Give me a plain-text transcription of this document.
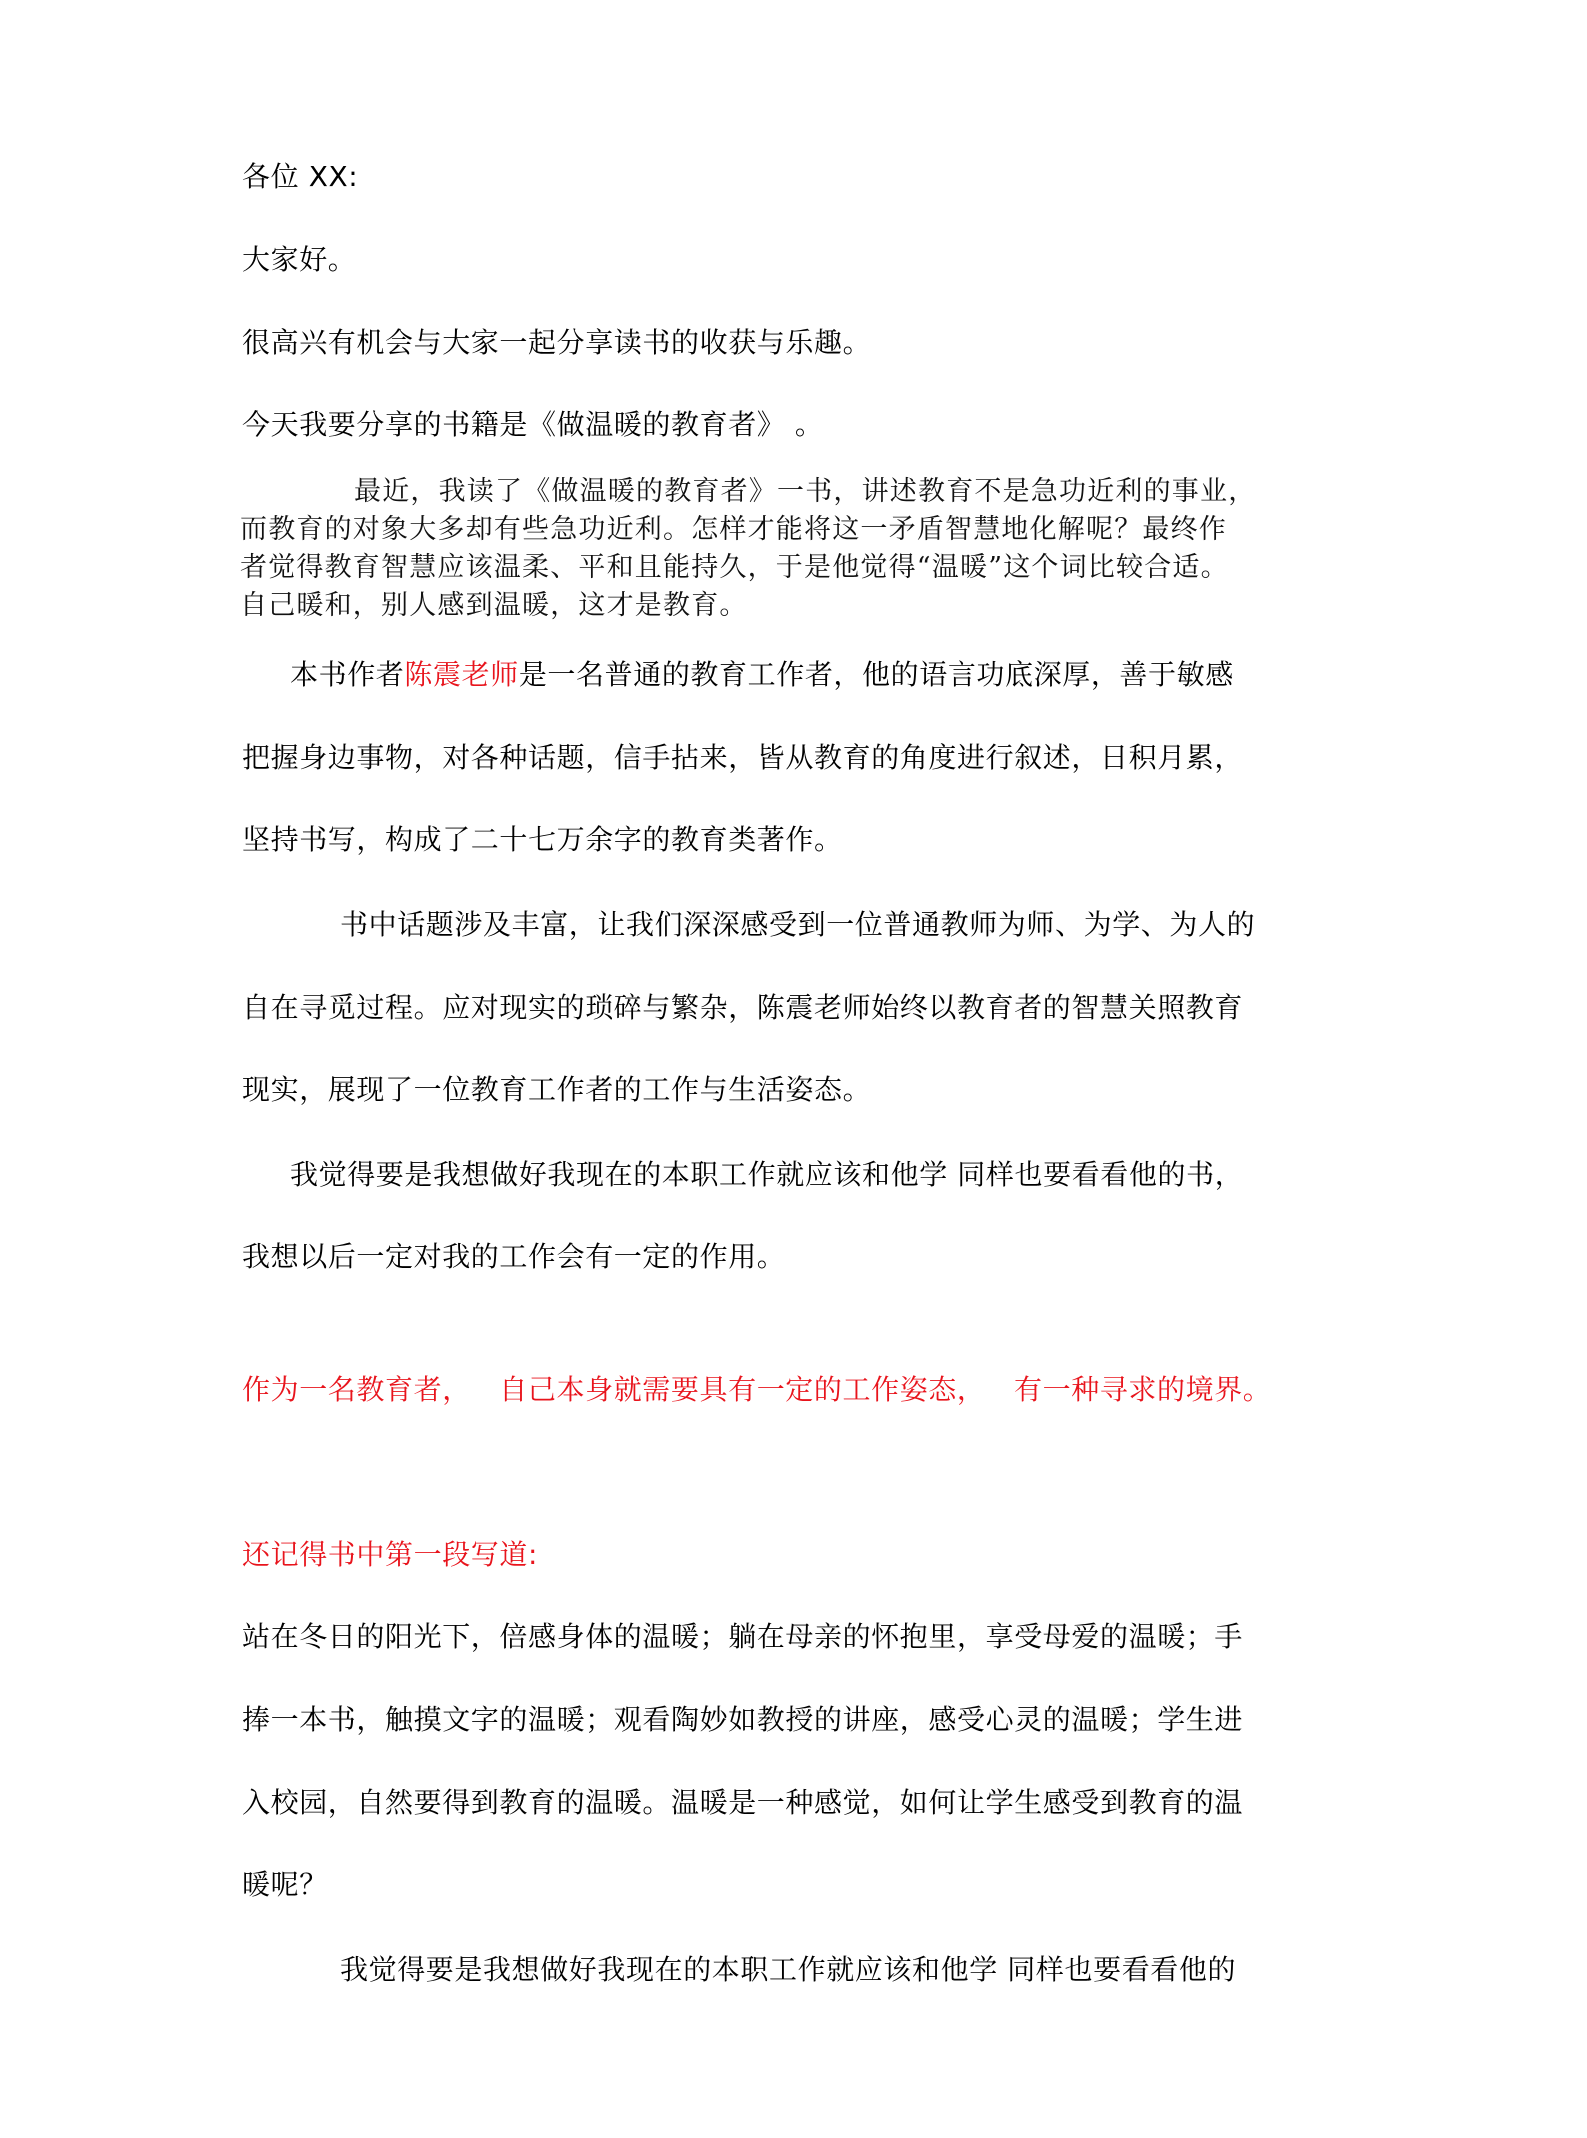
各位 XX:
大家好。
很高兴有机会与大家一起分享读书的收获与乐趣。
今天我要分享的书籍是《做温暖的教育者》 。
最近，我读了《做温暖的教育者》一书，讲述教育不是急功近利的事业，
而教育的对象大多却有些急功近利。怎样才能将这一矛盾智慧地化解呢？最终作
者觉得教育智慧应该温柔、平和且能持久，于是他觉得“温暖”这个词比较合适。
自己暖和，别人感到温暖，这才是教育。
本书作者陈震老师是一名普通的教育工作者，他的语言功底深厚，善于敏感
把握身边事物，对各种话题，信手拈来，皆从教育的角度进行叙述，日积月累，
坚持书写，构成了二十七万余字的教育类著作。
书中话题涉及丰富，让我们深深感受到一位普通教师为师、为学、为人的
自在寻觅过程。应对现实的琐碎与繁杂，陈震老师始终以教育者的智慧关照教育
现实，展现了一位教育工作者的工作与生活姿态。
我觉得要是我想做好我现在的本职工作就应该和他学 同样也要看看他的书，
我想以后一定对我的工作会有一定的作用。
作为一名教育者，   自己本身就需要具有一定的工作姿态，   有一种寻求的境界。
还记得书中第一段写道:
站在冬日的阳光下，倍感身体的温暖；躺在母亲的怀抱里，享受母爱的温暖；手
捧一本书，触摸文字的温暖；观看陶妙如教授的讲座，感受心灵的温暖；学生进
入校园，自然要得到教育的温暖。温暖是一种感觉，如何让学生感受到教育的温
暖呢？
我觉得要是我想做好我现在的本职工作就应该和他学 同样也要看看他的
